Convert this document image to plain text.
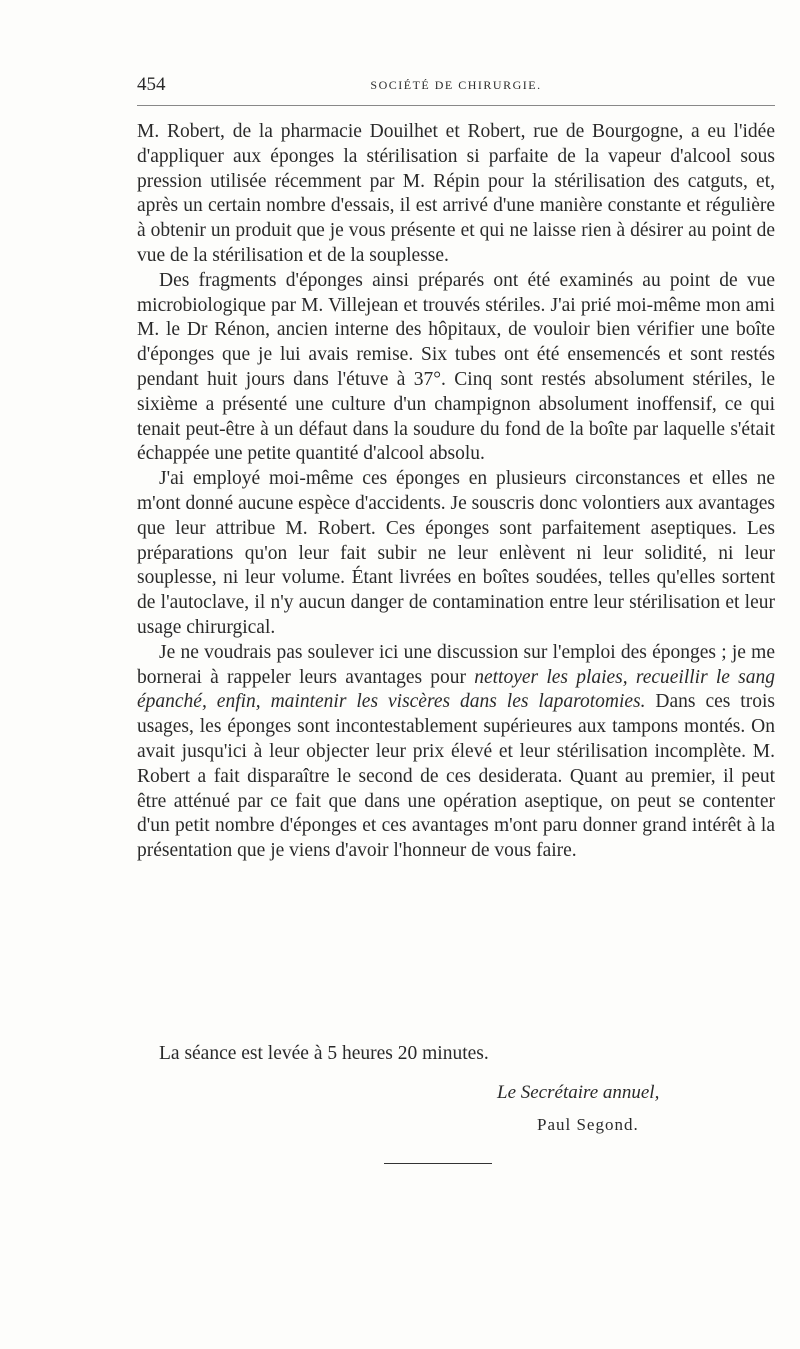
454	SOCIÉTÉ DE CHIRURGIE.

M. Robert, de la pharmacie Douilhet et Robert, rue de Bourgogne, a eu l'idée d'appliquer aux éponges la stérilisation si parfaite de la vapeur d'alcool sous pression utilisée récemment par M. Répin pour la stérilisation des catguts, et, après un certain nombre d'essais, il est arrivé d'une manière constante et régulière à obtenir un produit que je vous présente et qui ne laisse rien à désirer au point de vue de la stérilisation et de la souplesse.

Des fragments d'éponges ainsi préparés ont été examinés au point de vue microbiologique par M. Villejean et trouvés stériles. J'ai prié moi-même mon ami M. le Dr Rénon, ancien interne des hôpitaux, de vouloir bien vérifier une boîte d'éponges que je lui avais remise. Six tubes ont été ensemencés et sont restés pendant huit jours dans l'étuve à 37°. Cinq sont restés absolument stériles, le sixième a présenté une culture d'un champignon absolument inoffensif, ce qui tenait peut-être à un défaut dans la soudure du fond de la boîte par laquelle s'était échappée une petite quantité d'alcool absolu.

J'ai employé moi-même ces éponges en plusieurs circonstances et elles ne m'ont donné aucune espèce d'accidents. Je souscris donc volontiers aux avantages que leur attribue M. Robert. Ces éponges sont parfaitement aseptiques. Les préparations qu'on leur fait subir ne leur enlèvent ni leur solidité, ni leur souplesse, ni leur volume. Étant livrées en boîtes soudées, telles qu'elles sortent de l'autoclave, il n'y aucun danger de contamination entre leur stérilisation et leur usage chirurgical.

Je ne voudrais pas soulever ici une discussion sur l'emploi des éponges ; je me bornerai à rappeler leurs avantages pour nettoyer les plaies, recueillir le sang épanché, enfin, maintenir les viscères dans les laparotomies. Dans ces trois usages, les éponges sont incontestablement supérieures aux tampons montés. On avait jusqu'ici à leur objecter leur prix élevé et leur stérilisation incomplète. M. Robert a fait disparaître le second de ces desiderata. Quant au premier, il peut être atténué par ce fait que dans une opération aseptique, on peut se contenter d'un petit nombre d'éponges et ces avantages m'ont paru donner grand intérêt à la présentation que je viens d'avoir l'honneur de vous faire.

La séance est levée à 5 heures 20 minutes.
Le Secrétaire annuel,
Paul Segond.
